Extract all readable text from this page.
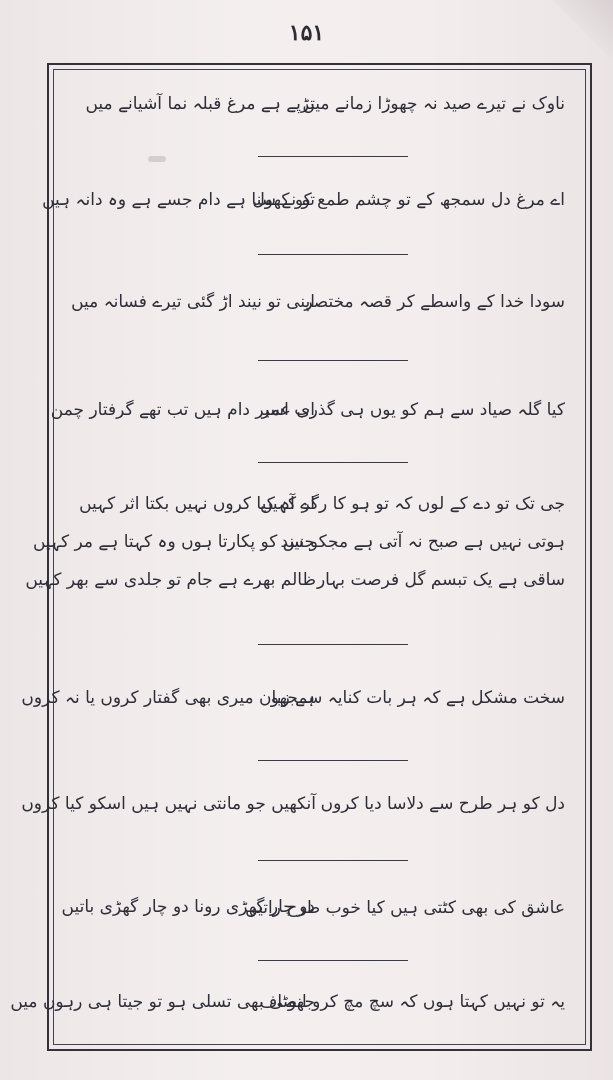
۱۵۱
ناوک نے تیرے صید نہ چھوڑا زمانے میں
تڑپے ہے مرغ قبلہ نما آشیانے میں
اے مرغ دل سمجھ کے تو چشم طمع کو کھول
تو نے سنا ہے دام جسے ہے وہ دانہ ہیں
سودا خدا کے واسطے کر قصہ مختصر
اپنی تو نیند اڑ گئی تیرے فسانہ میں
کیا گلہ صیاد سے ہم کو یوں ہی گذری عمر
اب اسیر دام ہیں تب تھے گرفتار چمن
جی تک تو دے کے لوں کہ تو ہو کا رگر کہیں
اے آہ کیا کروں نہیں بکتا اثر کہیں
ہوتی نہیں ہے صبح نہ آتی ہے مجکو نیند
جس کو پکارتا ہوں وہ کہتا ہے مر کہیں
ساقی ہے یک تبسم گل فرصت بہار
ظالم بھرے ہے جام تو جلدی سے بھر کہیں
سخت مشکل ہے کہ ہر بات کنایہ سمجھو
ہے زبان میری بھی گفتار کروں یا نہ کروں
دل کو ہر طرح سے دلاسا دیا کروں
آنکھیں جو مانتی نہیں ہیں اسکو کیا کروں
عاشق کی بھی کٹتی ہیں کیا خوب طرح راتیں
دو چار گھڑی رونا دو چار گھڑی باتیں
یہ تو نہیں کہتا ہوں کہ سچ مچ کرو انصاف
جھوٹی بھی تسلی ہو تو جیتا ہی رہوں میں
